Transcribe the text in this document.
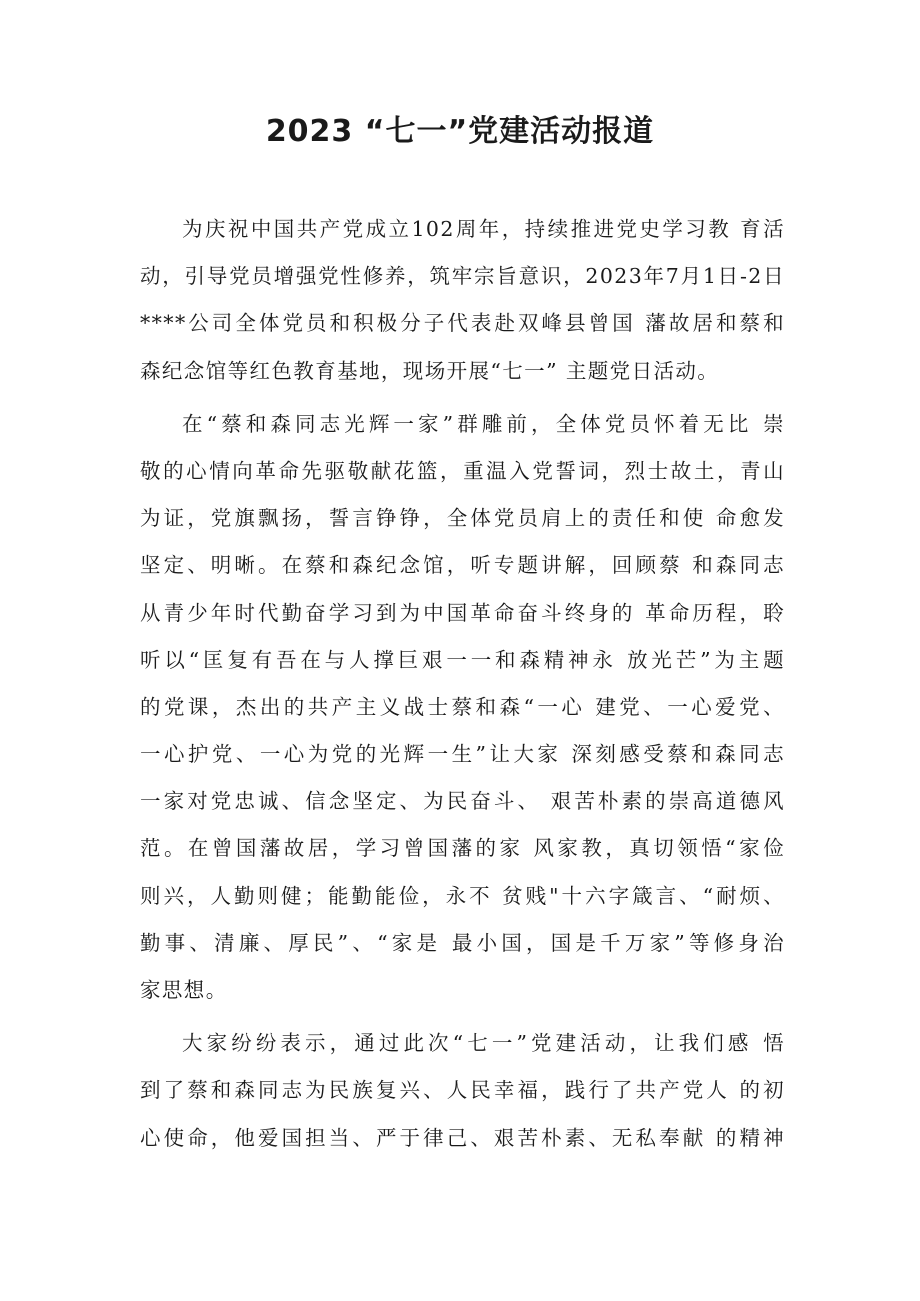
2023 “七一”党建活动报道
为庆祝中国共产党成立102周年，持续推进党史学习教 育活
动，引导党员增强党性修养，筑牢宗旨意识，2023年7月1日-2日
****公司全体党员和积极分子代表赴双峰县曾国 藩故居和蔡和
森纪念馆等红色教育基地，现场开展“七一” 主题党日活动。
在“蔡和森同志光辉一家”群雕前，全体党员怀着无比 崇
敬的心情向革命先驱敬献花篮，重温入党誓词，烈士故土，青山
为证，党旗飘扬，誓言铮铮，全体党员肩上的责任和使 命愈发
坚定、明晰。在蔡和森纪念馆，听专题讲解，回顾蔡 和森同志
从青少年时代勤奋学习到为中国革命奋斗终身的 革命历程，聆
听以“匡复有吾在与人撑巨艰一一和森精神永 放光芒”为主题
的党课，杰出的共产主义战士蔡和森“一心 建党、一心爱党、
一心护党、一心为党的光辉一生”让大家 深刻感受蔡和森同志
一家对党忠诚、信念坚定、为民奋斗、 艰苦朴素的崇高道德风
范。在曾国藩故居，学习曾国藩的家 风家教，真切领悟“家俭
则兴，人勤则健；能勤能俭，永不 贫贱"十六字箴言、“耐烦、
勤事、清廉、厚民”、“家是 最小国，国是千万家”等修身治
家思想。
大家纷纷表示，通过此次“七一”党建活动，让我们感 悟
到了蔡和森同志为民族复兴、人民幸福，践行了共产党人 的初
心使命，他爱国担当、严于律己、艰苦朴素、无私奉献 的精神
